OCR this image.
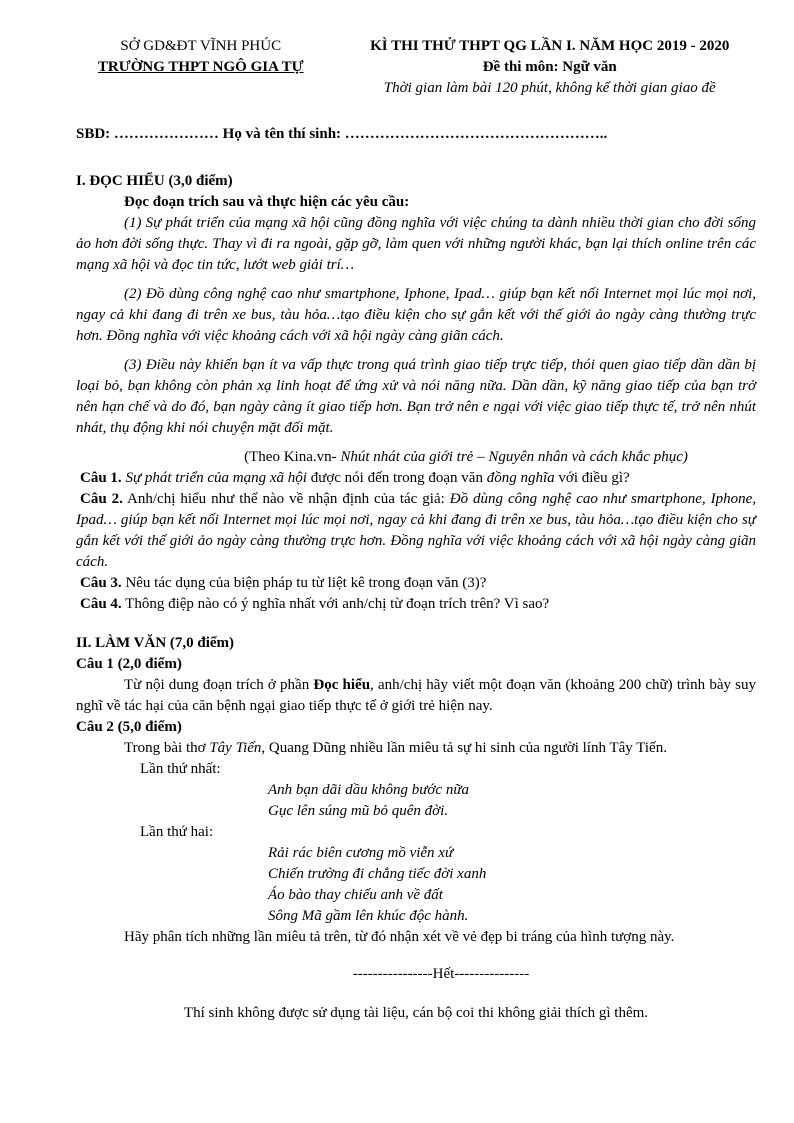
SỞ GD&ĐT VĨNH PHÚC
TRƯỜNG THPT NGÔ GIA TỰ
KÌ THI THỬ THPT QG LẦN I. NĂM HỌC 2019 - 2020
Đề thi môn: Ngữ văn
Thời gian làm bài 120 phút, không kể thời gian giao đề
SBD: ………………… Họ và tên thí sinh: ……………………………………………..
I. ĐỌC HIỂU (3,0 điểm)
Đọc đoạn trích sau và thực hiện các yêu cầu:

(1) Sự phát triển của mạng xã hội cũng đồng nghĩa với việc chúng ta dành nhiều thời gian cho đời sống ảo hơn đời sống thực. Thay vì đi ra ngoài, gặp gỡ, làm quen với những người khác, bạn lại thích online trên các mạng xã hội và đọc tin tức, lướt web giải trí…

(2) Đồ dùng công nghệ cao như smartphone, Iphone, Ipad… giúp bạn kết nối Internet mọi lúc mọi nơi, ngay cả khi đang đi trên xe bus, tàu hỏa…tạo điều kiện cho sự gắn kết với thế giới ảo ngày càng thường trực hơn. Đồng nghĩa với việc khoảng cách với xã hội ngày càng giãn cách.

(3) Điều này khiến bạn ít va vấp thực trong quá trình giao tiếp trực tiếp, thói quen giao tiếp dần dần bị loại bỏ, bạn không còn phản xạ linh hoạt để ứng xử và nói năng nữa. Dần dần, kỹ năng giao tiếp của bạn trở nên hạn chế và do đó, bạn ngày càng ít giao tiếp hơn. Bạn trở nên e ngại với việc giao tiếp thực tế, trở nên nhút nhát, thụ động khi nói chuyện mặt đối mặt.

(Theo Kina.vn- Nhút nhát của giới trẻ – Nguyên nhân và cách khắc phục)

Câu 1. Sự phát triển của mạng xã hội được nói đến trong đoạn văn đồng nghĩa với điều gì?

Câu 2. Anh/chị hiểu như thế nào về nhận định của tác giả: Đồ dùng công nghệ cao như smartphone, Iphone, Ipad… giúp bạn kết nối Internet mọi lúc mọi nơi, ngay cả khi đang đi trên xe bus, tàu hỏa…tạo điều kiện cho sự gắn kết với thế giới ảo ngày càng thường trực hơn. Đồng nghĩa với việc khoảng cách với xã hội ngày càng giãn cách.

Câu 3. Nêu tác dụng của biện pháp tu từ liệt kê trong đoạn văn (3)?

Câu 4. Thông điệp nào có ý nghĩa nhất với anh/chị từ đoạn trích trên? Vì sao?

II. LÀM VĂN (7,0 điểm)
Câu 1 (2,0 điểm)

Từ nội dung đoạn trích ở phần Đọc hiểu, anh/chị hãy viết một đoạn văn (khoảng 200 chữ) trình bày suy nghĩ về tác hại của căn bệnh ngại giao tiếp thực tế ở giới trẻ hiện nay.

Câu 2 (5,0 điểm)

Trong bài thơ Tây Tiến, Quang Dũng nhiều lần miêu tả sự hi sinh của người lính Tây Tiến.

Lần thứ nhất:
Anh bạn dãi dầu không bước nữa
Gục lên súng mũ bỏ quên đời.
Lần thứ hai:
Rải rác biên cương mồ viễn xứ
Chiến trường đi chẳng tiếc đời xanh
Áo bào thay chiếu anh về đất
Sông Mã gầm lên khúc độc hành.

Hãy phân tích những lần miêu tả trên, từ đó nhận xét về vẻ đẹp bi tráng của hình tượng này.

----------------Hết---------------
Thí sinh không được sử dụng tài liệu, cán bộ coi thi không giải thích gì thêm.
